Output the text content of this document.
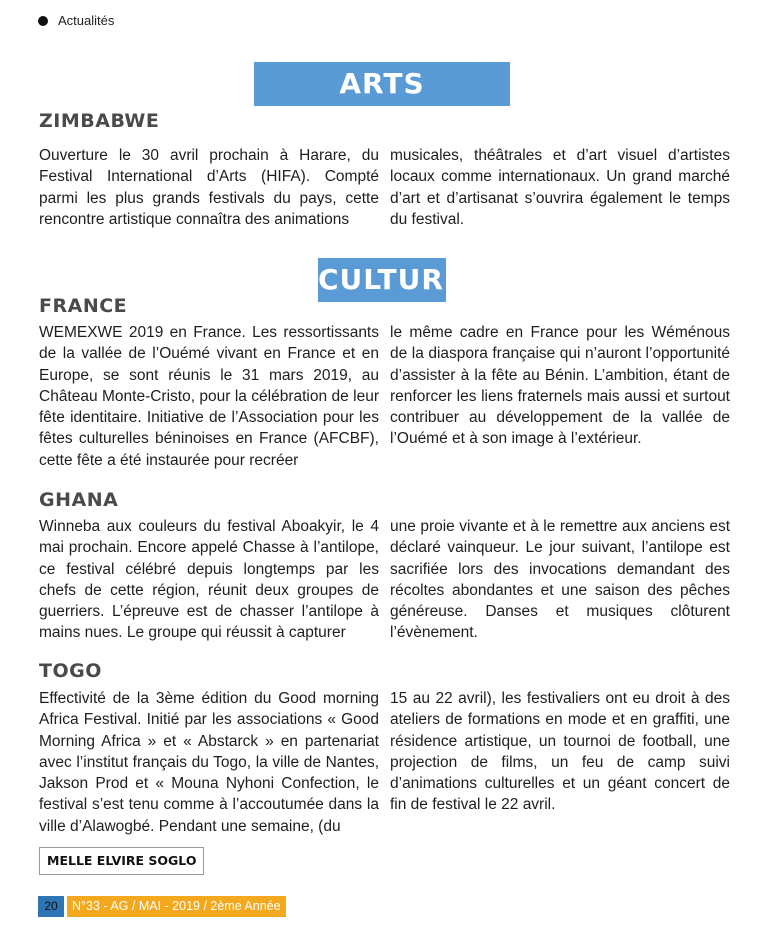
Actualités
ARTS PLASTIQUES
ZIMBABWE
Ouverture le 30 avril prochain à Harare, du Festival International d’Arts (HIFA). Compté parmi les plus grands festivals du pays, cette rencontre artistique connaîtra des animations
musicales, théâtrales et d’art visuel d’artistes locaux comme internationaux. Un grand marché d’art et d’artisanat s’ouvrira également le temps du festival.
CULTURE
FRANCE
WEMEXWE 2019 en France. Les ressortissants de la vallée de l’Ouémé vivant en France et en Europe, se sont réunis le 31 mars 2019, au Château Monte-Cristo, pour la célébration de leur fête identitaire. Initiative de l’Association pour les fêtes culturelles béninoises en France (AFCBF), cette fête a été instaurée pour recréer
le même cadre en France pour les Wéménous de la diaspora française qui n’auront l’opportunité d’assister à la fête au Bénin. L’ambition, étant de renforcer les liens fraternels mais aussi et surtout contribuer au développement de la vallée de l’Ouémé et à son image à l’extérieur.
GHANA
Winneba aux couleurs du festival Aboakyir, le 4 mai prochain. Encore appelé Chasse à l’antilope, ce festival célébré depuis longtemps par les chefs de cette région, réunit deux groupes de guerriers. L’épreuve est de chasser l’antilope à mains nues. Le groupe qui réussit à capturer
une proie vivante et à le remettre aux anciens est déclaré vainqueur. Le jour suivant, l’antilope est sacrifiée lors des invocations demandant des récoltes abondantes et une saison des pêches généreuse. Danses et musiques clôturent l’évènement.
TOGO
Effectivité de la 3ème édition du Good morning Africa Festival. Initié par les associations « Good Morning Africa » et « Abstarck » en partenariat avec l’institut français du Togo, la ville de Nantes, Jakson Prod et « Mouna Nyhoni Confection, le festival s’est tenu comme à l’accoutumée dans la ville d’Alawogbé. Pendant une semaine, (du
15 au 22 avril), les festivaliers ont eu droit à des ateliers de formations en mode et en graffiti, une résidence artistique, un tournoi de football, une projection de films, un feu de camp suivi d’animations culturelles et un géant concert de fin de festival le 22 avril.
MELLE ELVIRE SOGLO
20	N°33 - AG / MAI - 2019 / 2ème Année
